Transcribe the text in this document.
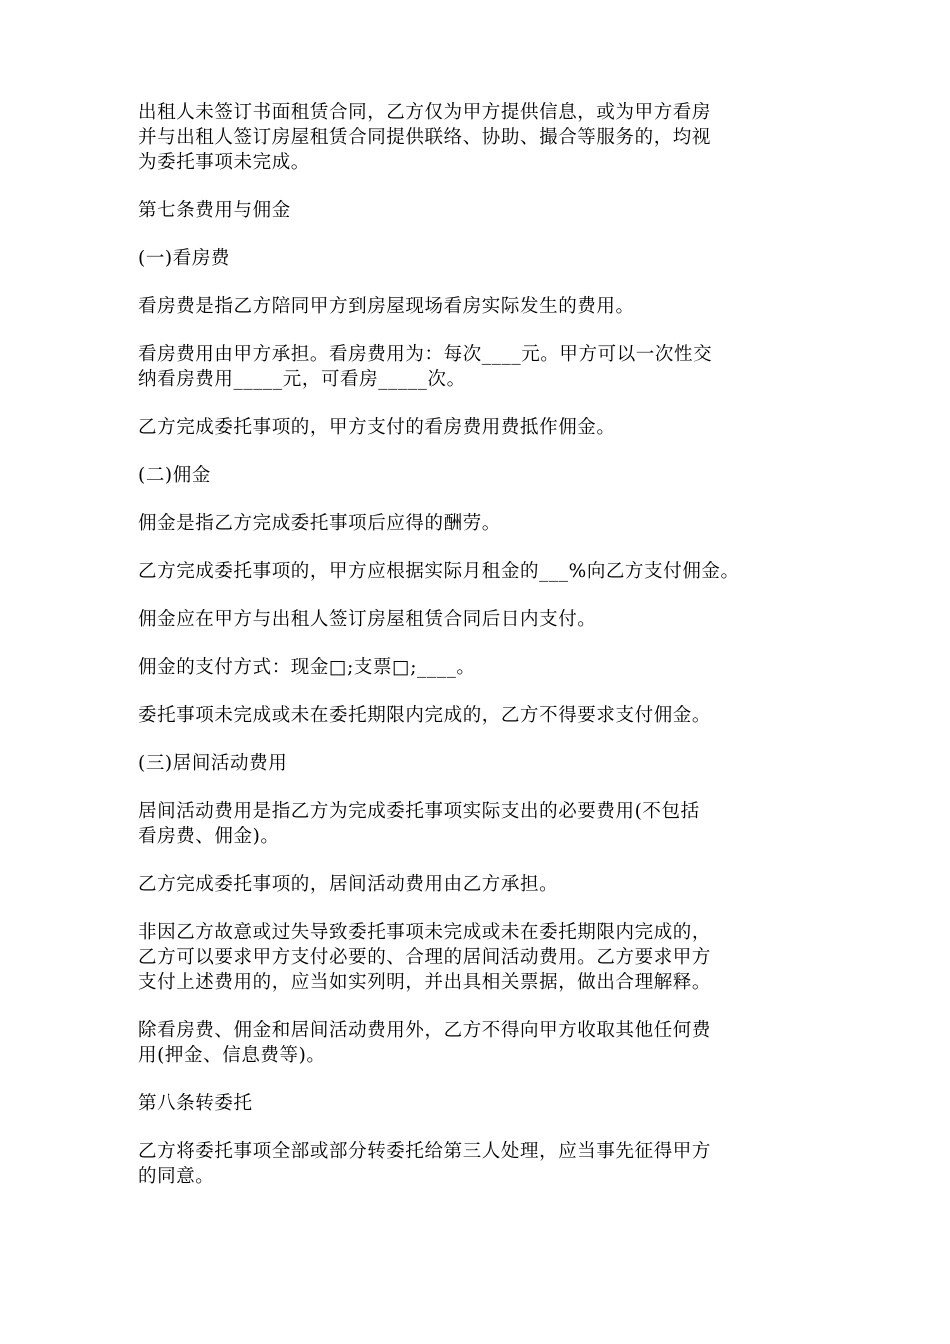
出租人未签订书面租赁合同，乙方仅为甲方提供信息，或为甲方看房
并与出租人签订房屋租赁合同提供联络、协助、撮合等服务的，均视
为委托事项未完成。

第七条费用与佣金

(一)看房费

看房费是指乙方陪同甲方到房屋现场看房实际发生的费用。

看房费用由甲方承担。看房费用为：每次____元。甲方可以一次性交
纳看房费用_____元，可看房_____次。

乙方完成委托事项的，甲方支付的看房费用费抵作佣金。

(二)佣金

佣金是指乙方完成委托事项后应得的酬劳。

乙方完成委托事项的，甲方应根据实际月租金的___%向乙方支付佣金。

佣金应在甲方与出租人签订房屋租赁合同后日内支付。

佣金的支付方式：现金□;支票□;____。

委托事项未完成或未在委托期限内完成的，乙方不得要求支付佣金。

(三)居间活动费用

居间活动费用是指乙方为完成委托事项实际支出的必要费用(不包括
看房费、佣金)。

乙方完成委托事项的，居间活动费用由乙方承担。

非因乙方故意或过失导致委托事项未完成或未在委托期限内完成的，
乙方可以要求甲方支付必要的、合理的居间活动费用。乙方要求甲方
支付上述费用的，应当如实列明，并出具相关票据，做出合理解释。

除看房费、佣金和居间活动费用外，乙方不得向甲方收取其他任何费
用(押金、信息费等)。

第八条转委托

乙方将委托事项全部或部分转委托给第三人处理，应当事先征得甲方
的同意。
